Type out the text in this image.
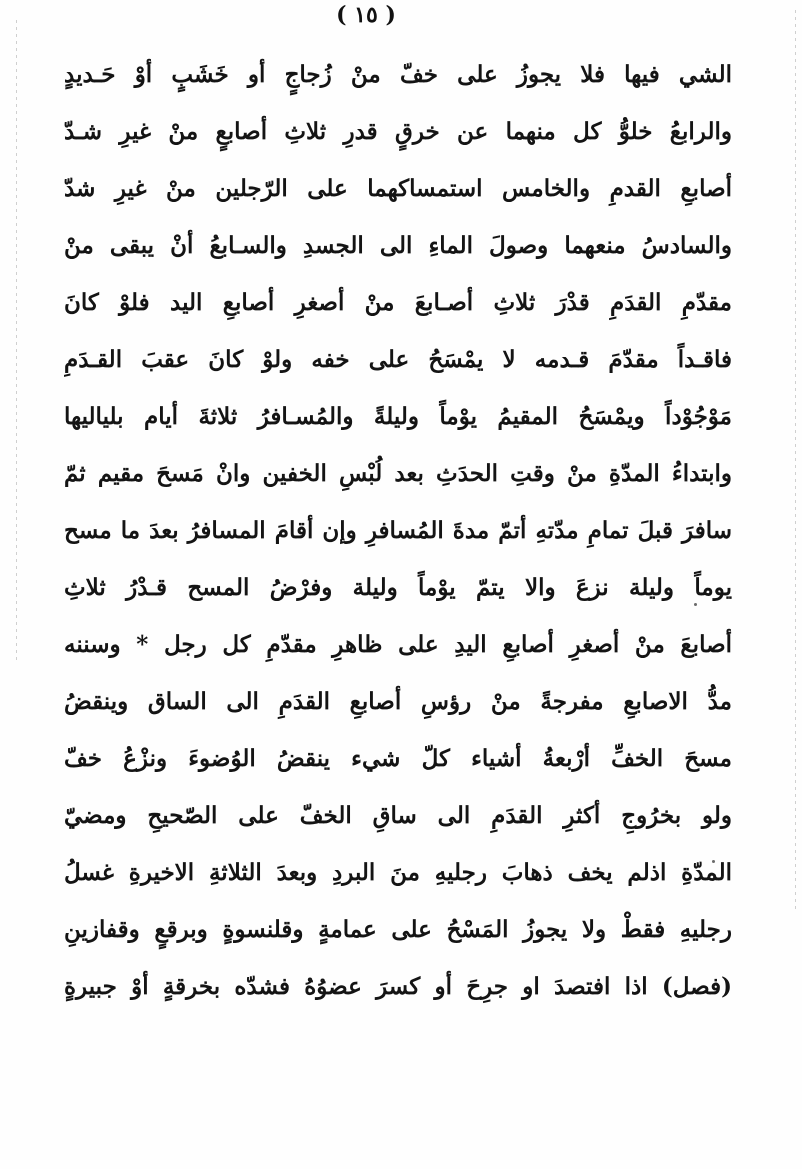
( ١٥ )
الشي فيها فلا يجوزُ على خفّ منْ زُجاجٍ أو خَشَبٍ أوْ حَـديدٍ
والرابعُ خلوُّ كل منهما عن خرقٍ قدرِ ثلاثِ أصابعٍ منْ غيرِ شـدّ
أصابعِ القدمِ والخامس استمساكهما على الرّجلين منْ غيرِ شدّ
والسادسُ منعهما وصولَ الماءِ الى الجسدِ والسـابعُ أنْ يبقى منْ
مقدّمِ القدَمِ قدْرَ ثلاثِ أصـابعَ منْ أصغرِ أصابعِ اليد فلوْ كانَ
فاقـداً مقدّمَ قـدمه لا يمْسَحُ على خفه ولوْ كانَ عقبَ القـدَمِ
مَوْجُوْداً ويمْسَحُ المقيمُ يوْماً وليلةً والمُسـافرُ ثلاثةَ أيام بلياليها
وابتداءُ المدّةِ منْ وقتِ الحدَثِ بعد لُبْسِ الخفين وانْ مَسحَ مقيم ثمّ
سافرَ قبلَ تمامِ مدّتهِ أتمّ مدةَ المُسافرِ وإن أقامَ المسافرُ بعدَ ما مسح
يوماً وليلة نزعَ والا يتمّ يوْماً وليلة وفرْضُ المسح قـدْرُ ثلاثِ
أصابعَ منْ أصغرِ أصابعِ اليدِ على ظاهرِ مقدّمِ كل رجل * وسننه
مدُّ الاصابعِ مفرجةً منْ رؤسِ أصابعِ القدَمِ الى الساق وينقضُ
مسحَ الخفِّ أرْبعةُ أشياء كلّ شيء ينقضُ الوُضوءَ ونزْعُ خفّ
ولو بخرُوجِ أكثرِ القدَمِ الى ساقِ الخفّ على الصّحيحِ ومضيّ
المدّةِ اذلم يخف ذهابَ رجليهِ منَ البردِ وبعدَ الثلاثةِ الاخيرةِ غسلُ
رجليهِ فقطْ ولا يجوزُ المَسْحُ على عمامةٍ وقلنسوةٍ وبرقعٍ وقفازينِ
(فصل) اذا افتصدَ او جرِحَ أو كسرَ عضوُهُ فشدّه بخرقةٍ أوْ جبيرةٍ
